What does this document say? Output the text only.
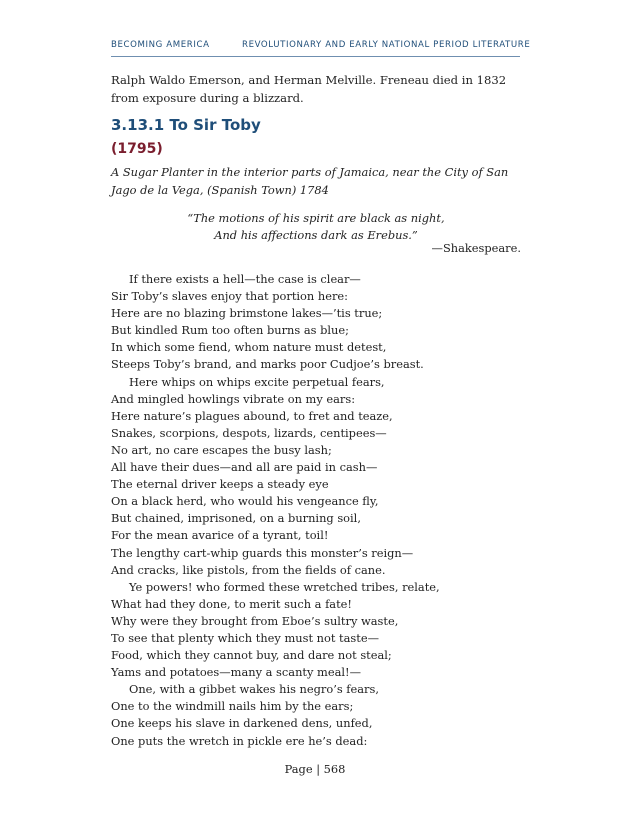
BECOMING AMERICA	REVOLUTIONARY AND EARLY NATIONAL PERIOD LITERATURE
Ralph Waldo Emerson, and Herman Melville. Freneau died in 1832 from exposure during a blizzard.
3.13.1 To Sir Toby
(1795)
A Sugar Planter in the interior parts of Jamaica, near the City of San Jago de la Vega, (Spanish Town) 1784
“The motions of his spirit are black as night,
And his affections dark as Erebus.”
—Shakespeare.
If there exists a hell—the case is clear—
Sir Toby’s slaves enjoy that portion here:
Here are no blazing brimstone lakes—’tis true;
But kindled Rum too often burns as blue;
In which some fiend, whom nature must detest,
Steeps Toby’s brand, and marks poor Cudjoe’s breast.
Here whips on whips excite perpetual fears,
And mingled howlings vibrate on my ears:
Here nature’s plagues abound, to fret and teaze,
Snakes, scorpions, despots, lizards, centipees—
No art, no care escapes the busy lash;
All have their dues—and all are paid in cash—
The eternal driver keeps a steady eye
On a black herd, who would his vengeance fly,
But chained, imprisoned, on a burning soil,
For the mean avarice of a tyrant, toil!
The lengthy cart-whip guards this monster’s reign—
And cracks, like pistols, from the fields of cane.
Ye powers! who formed these wretched tribes, relate,
What had they done, to merit such a fate!
Why were they brought from Eboe’s sultry waste,
To see that plenty which they must not taste—
Food, which they cannot buy, and dare not steal;
Yams and potatoes—many a scanty meal!—
One, with a gibbet wakes his negro’s fears,
One to the windmill nails him by the ears;
One keeps his slave in darkened dens, unfed,
One puts the wretch in pickle ere he’s dead:
Page | 568
